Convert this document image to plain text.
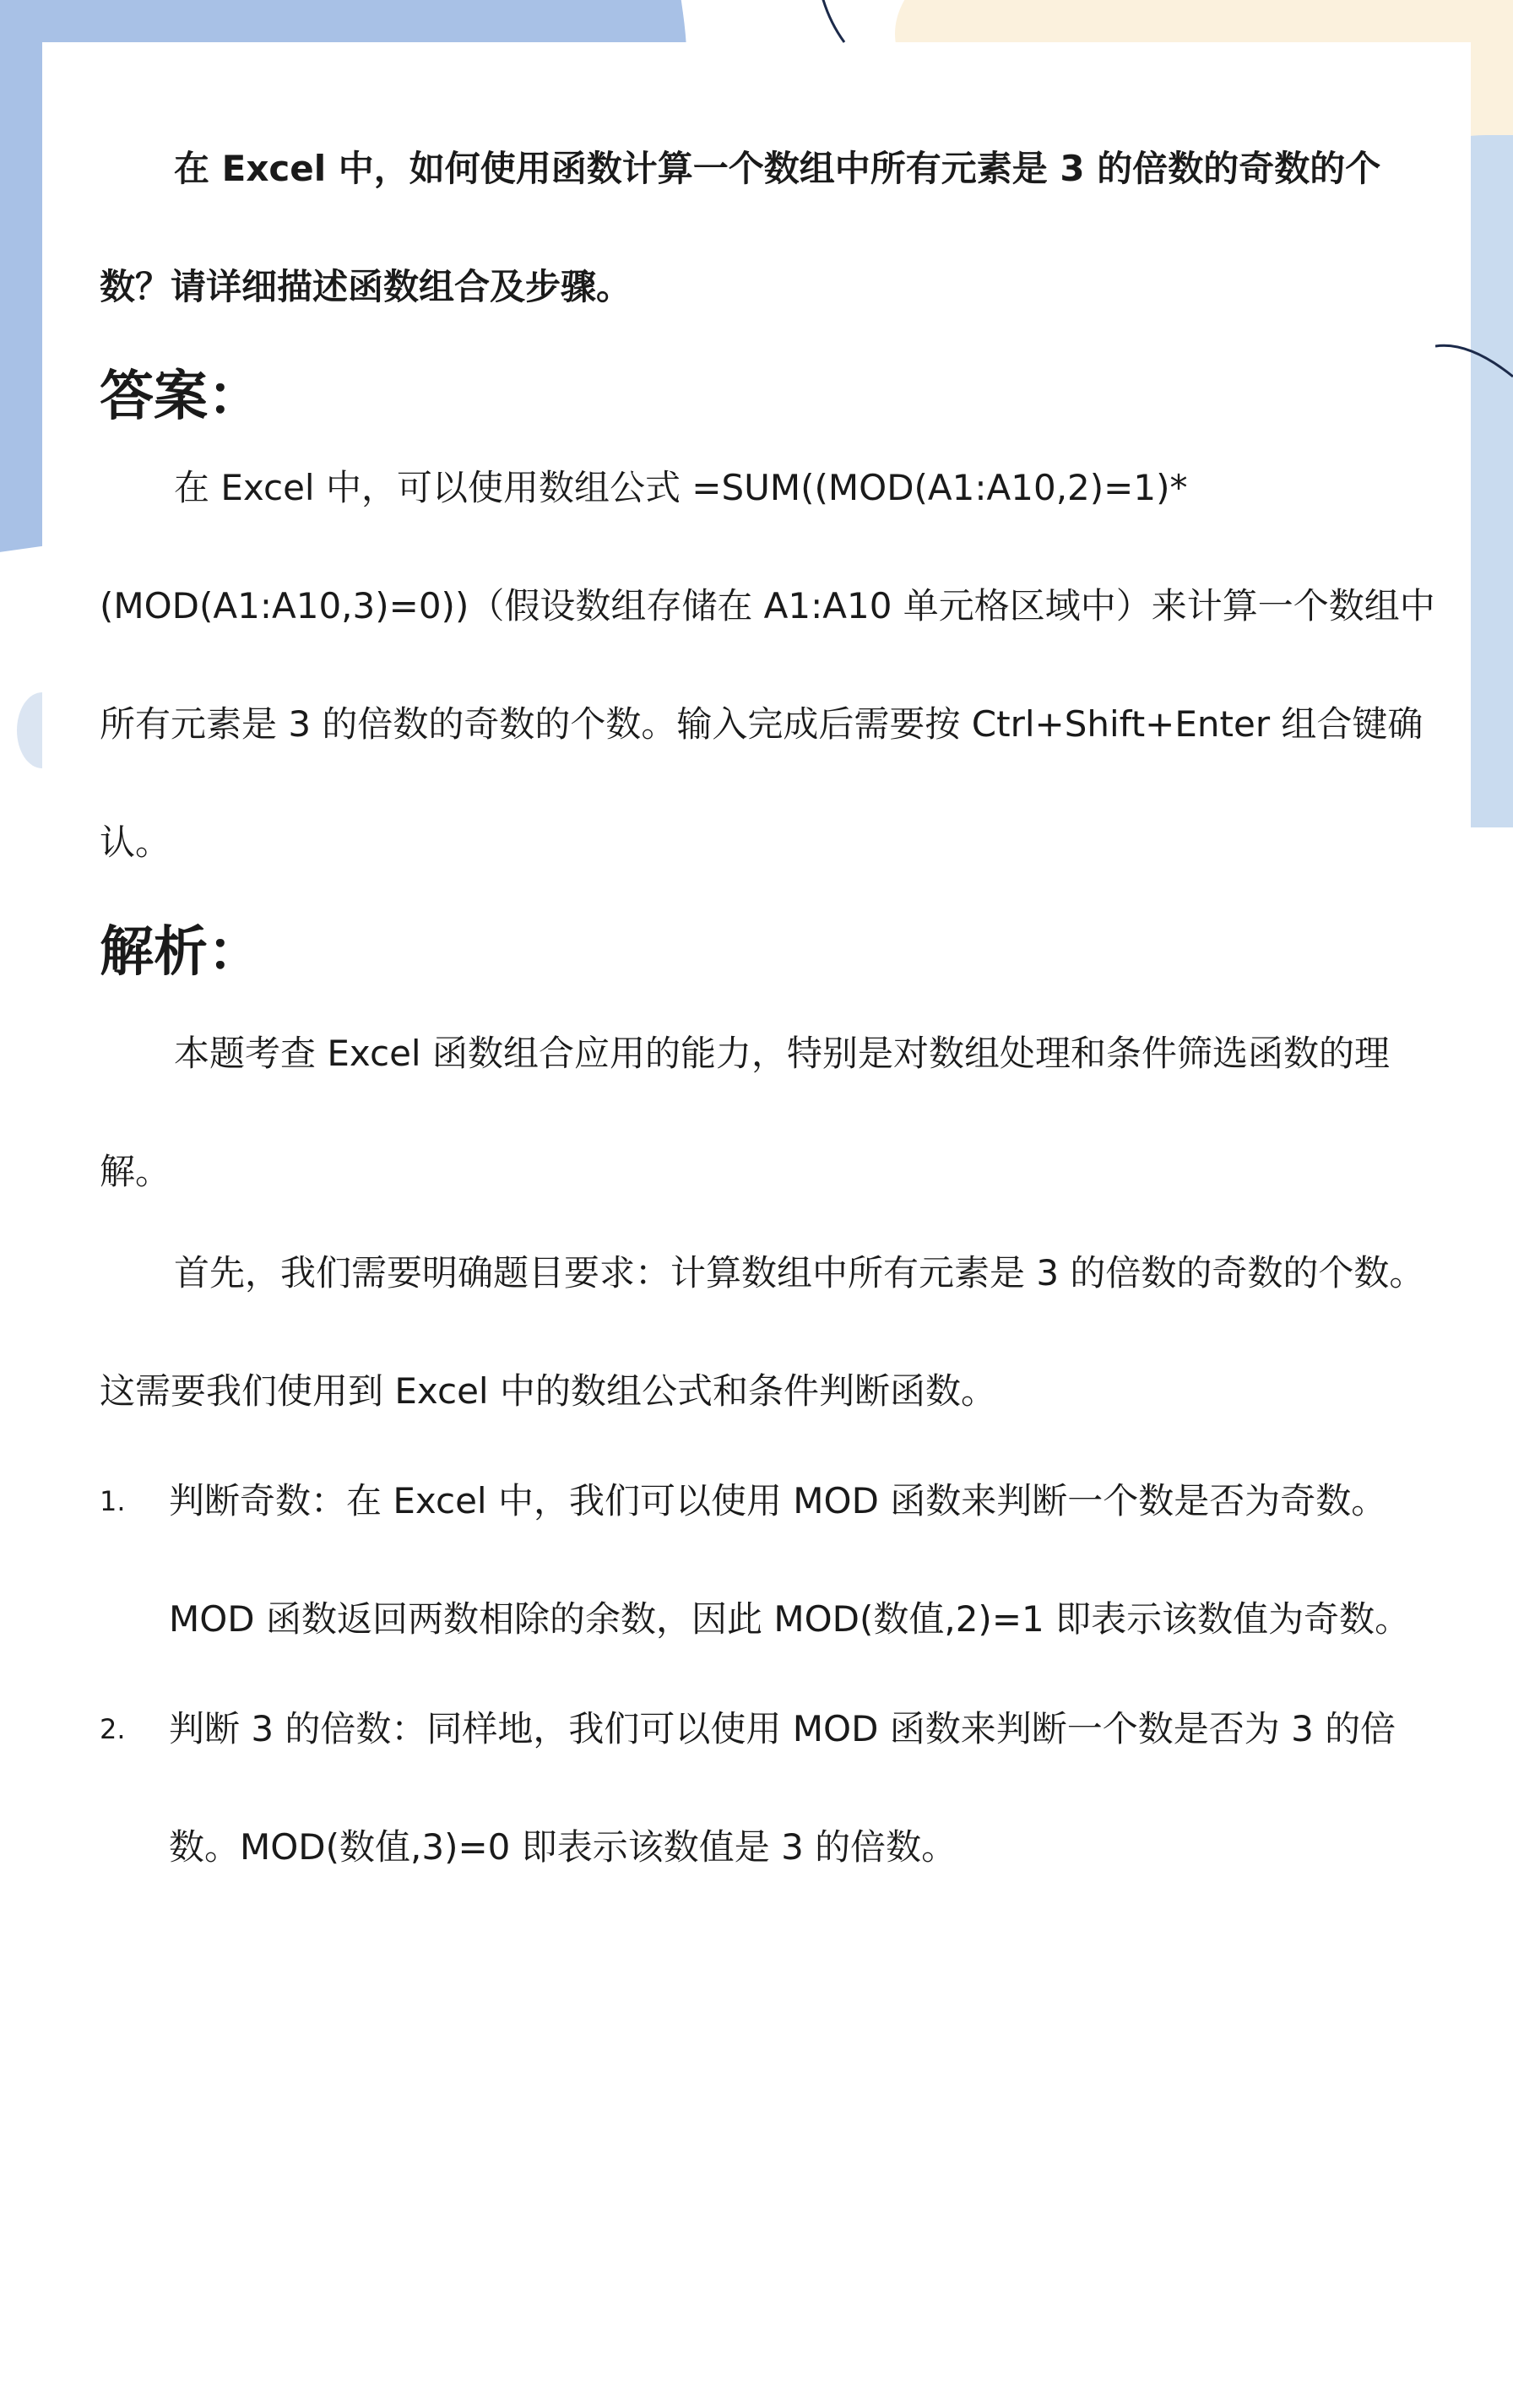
在 Excel 中，如何使用函数计算一个数组中所有元素是 3 的倍数的奇数的个数？请详细描述函数组合及步骤。

答案：

在 Excel 中，可以使用数组公式 =SUM((MOD(A1:A10,2)=1)*(MOD(A1:A10,3)=0))（假设数组存储在 A1:A10 单元格区域中）来计算一个数组中所有元素是 3 的倍数的奇数的个数。输入完成后需要按 Ctrl+Shift+Enter 组合键确认。

解析：

本题考查 Excel 函数组合应用的能力，特别是对数组处理和条件筛选函数的理解。

首先，我们需要明确题目要求：计算数组中所有元素是 3 的倍数的奇数的个数。这需要我们使用到 Excel 中的数组公式和条件判断函数。

1. 判断奇数：在 Excel 中，我们可以使用 MOD 函数来判断一个数是否为奇数。MOD 函数返回两数相除的余数，因此 MOD(数值,2)=1 即表示该数值为奇数。
2. 判断 3 的倍数：同样地，我们可以使用 MOD 函数来判断一个数是否为 3 的倍数。MOD(数值,3)=0 即表示该数值是 3 的倍数。
